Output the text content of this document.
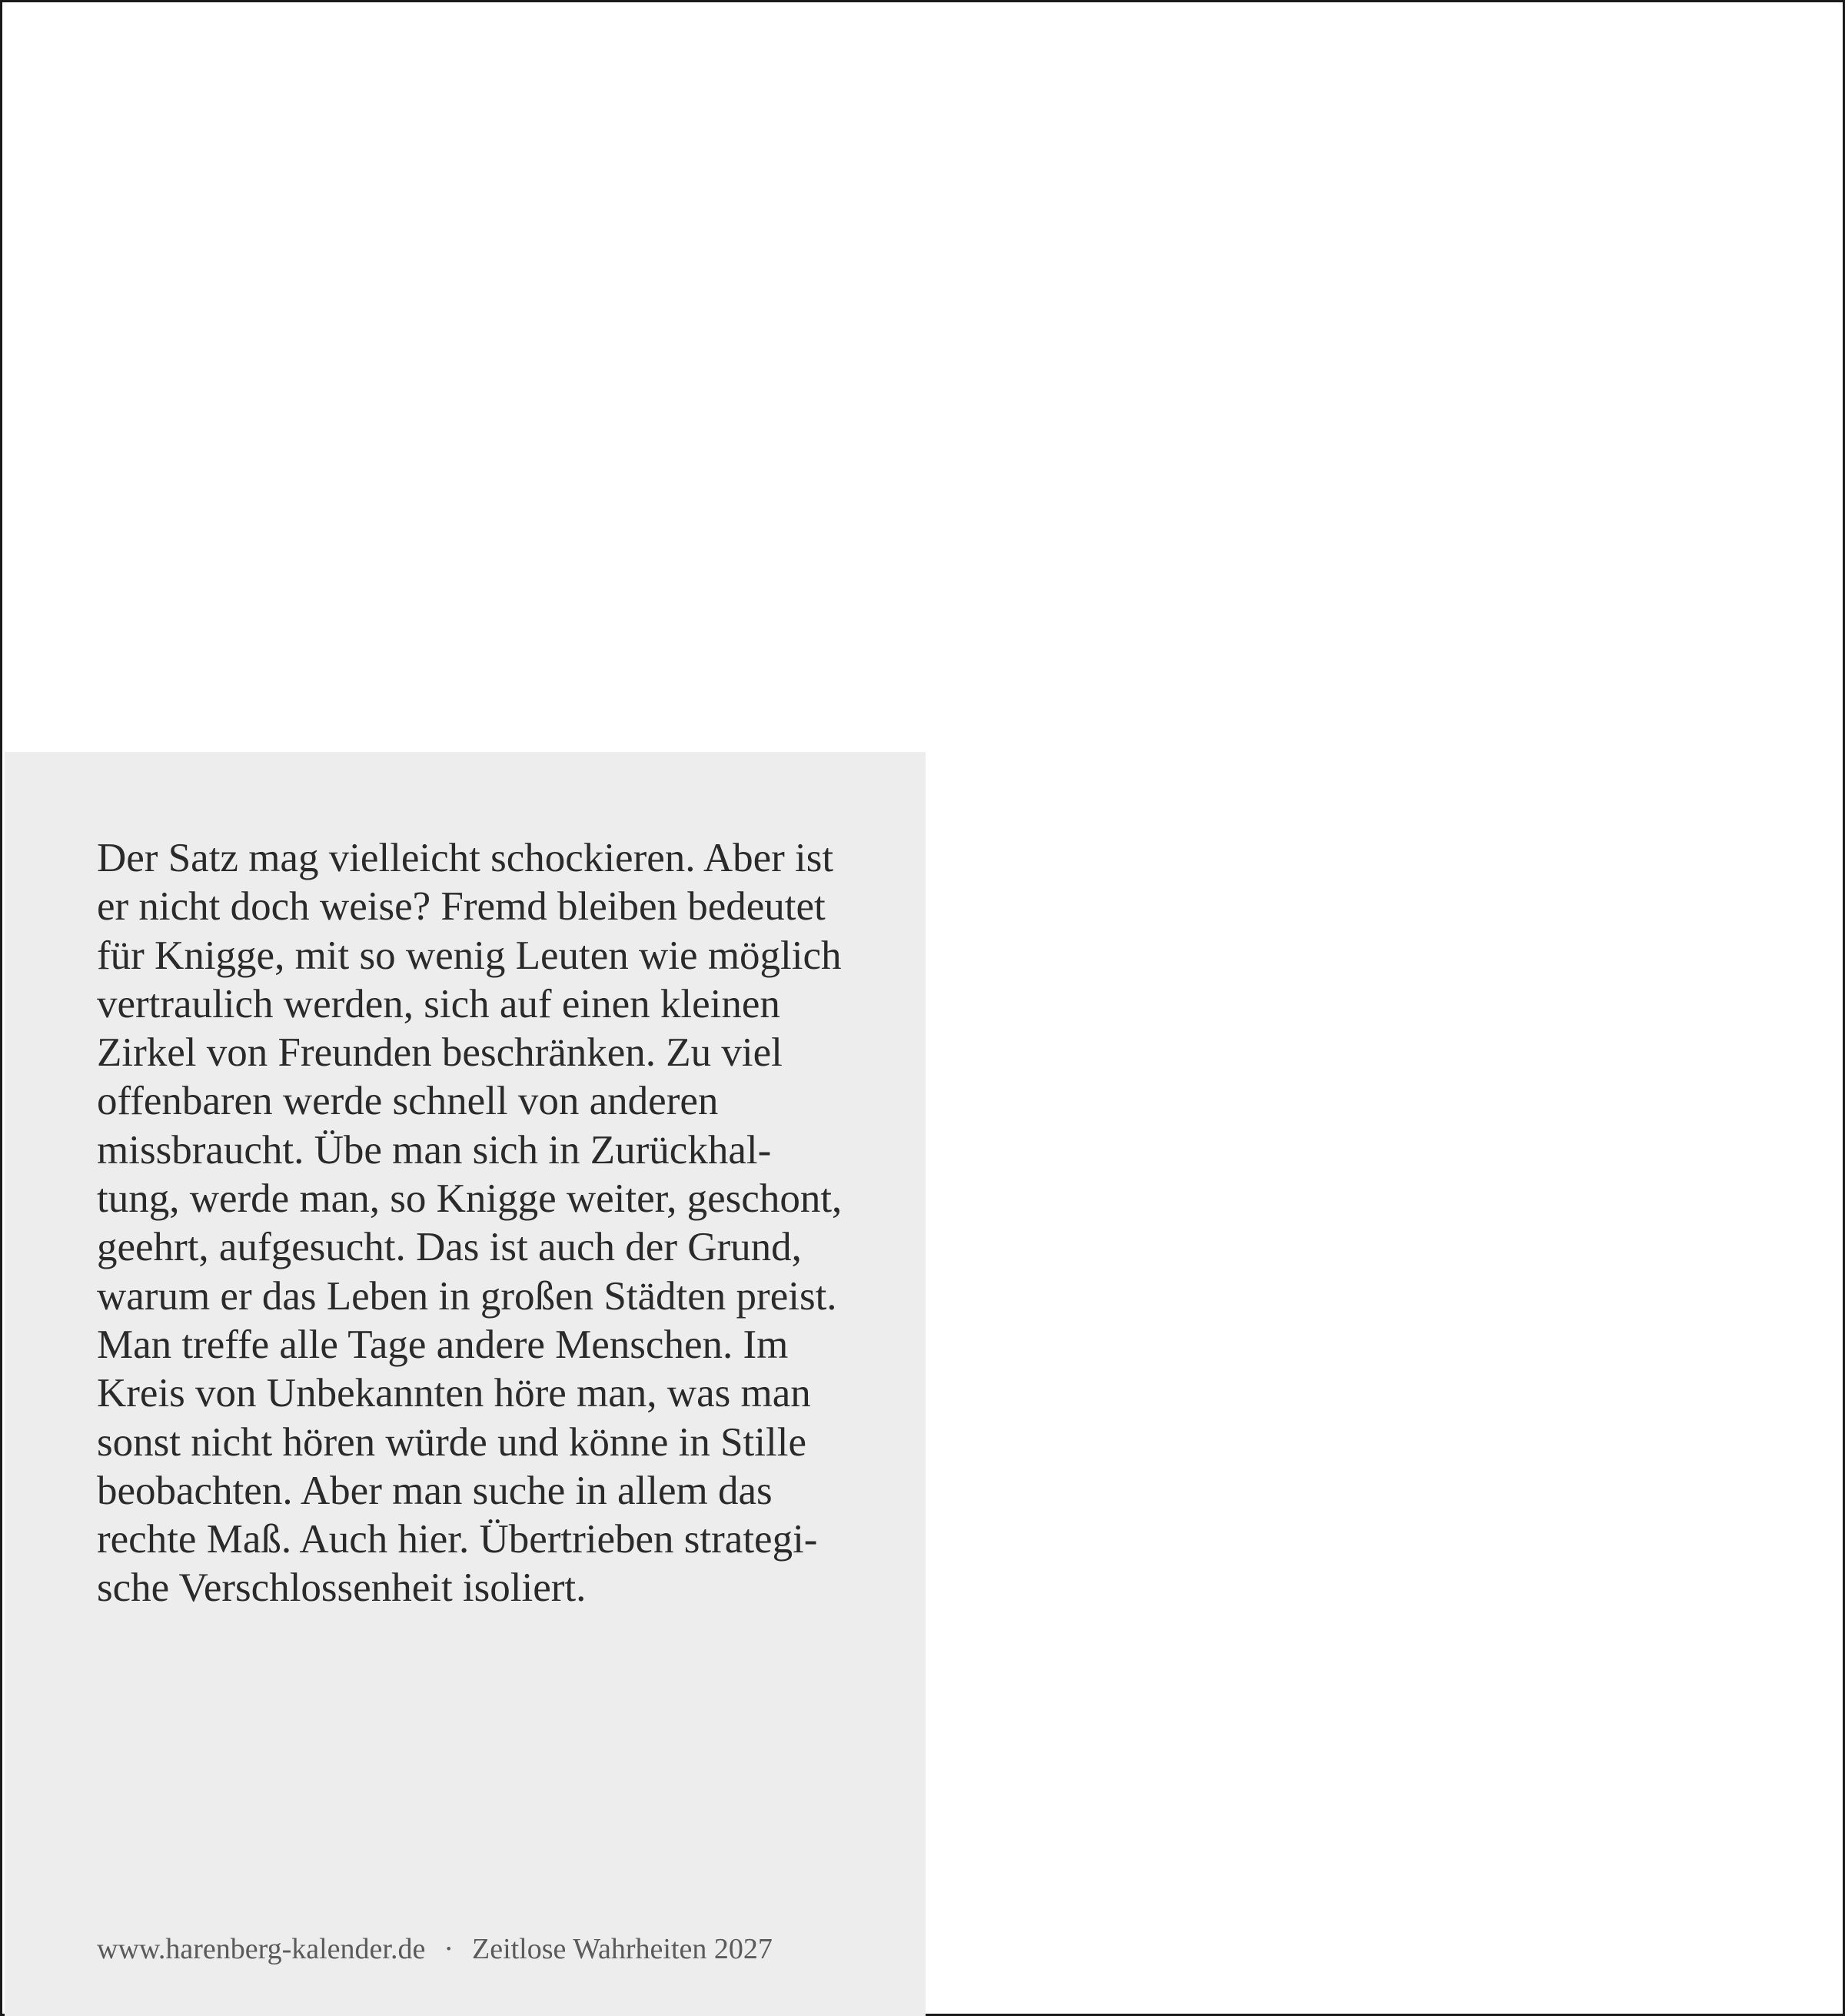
Der Satz mag vielleicht schockieren. Aber ist
er nicht doch weise? Fremd bleiben bedeutet
für Knigge, mit so wenig Leuten wie möglich
vertraulich werden, sich auf einen kleinen
Zirkel von Freunden beschränken. Zu viel
offenbaren werde schnell von anderen
missbraucht. Übe man sich in Zurückhal-
tung, werde man, so Knigge weiter, geschont,
geehrt, aufgesucht. Das ist auch der Grund,
warum er das Leben in großen Städten preist.
Man treffe alle Tage andere Menschen. Im
Kreis von Unbekannten höre man, was man
sonst nicht hören würde und könne in Stille
beobachten. Aber man suche in allem das
rechte Maß. Auch hier. Übertrieben strategi-
sche Verschlossenheit isoliert.

www.harenberg-kalender.de · Zeitlose Wahrheiten 2027
